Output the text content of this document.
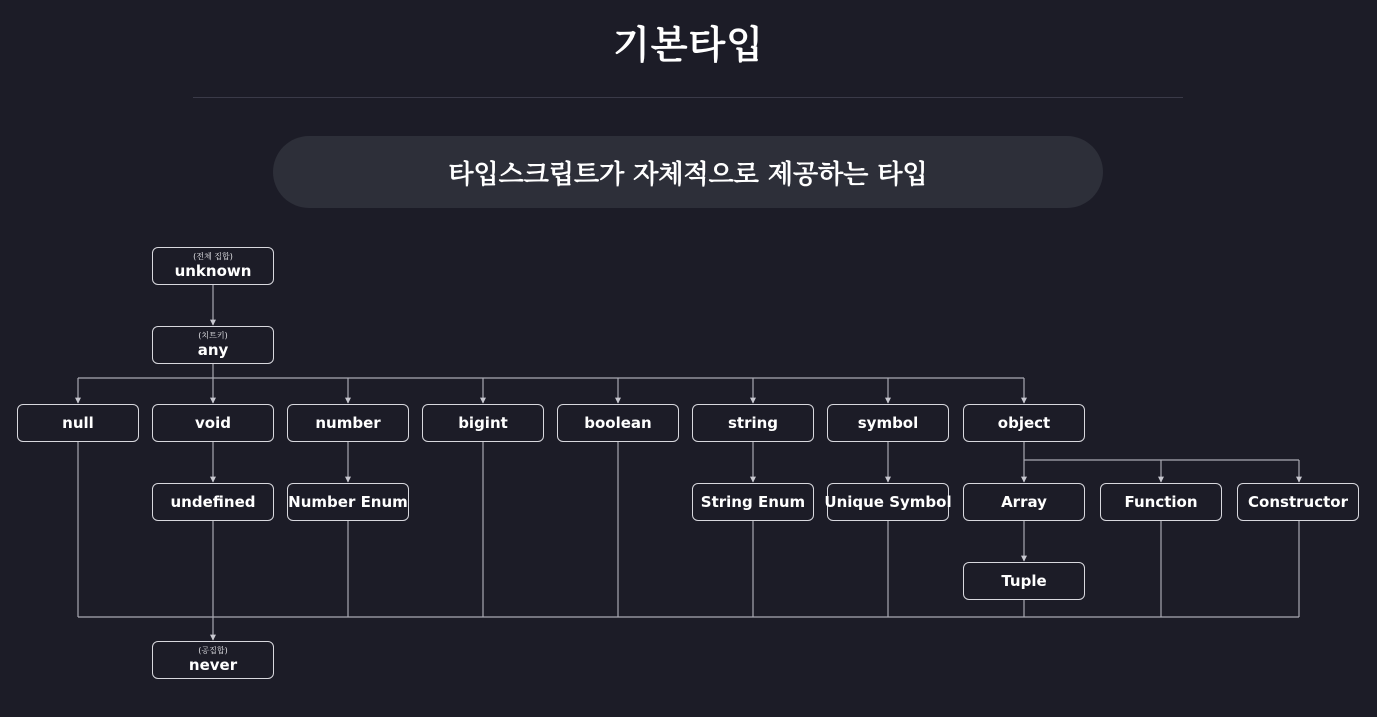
기본타입
타입스크립트가 자체적으로 제공하는 타입
(전체 집합)
unknown
(치트키)
any
null	void	number	bigint	boolean	string	symbol	object
undefined Number Enum	String Enum Unique Symbol	Array	Function	Constructor
Tuple
(공집합)
never
